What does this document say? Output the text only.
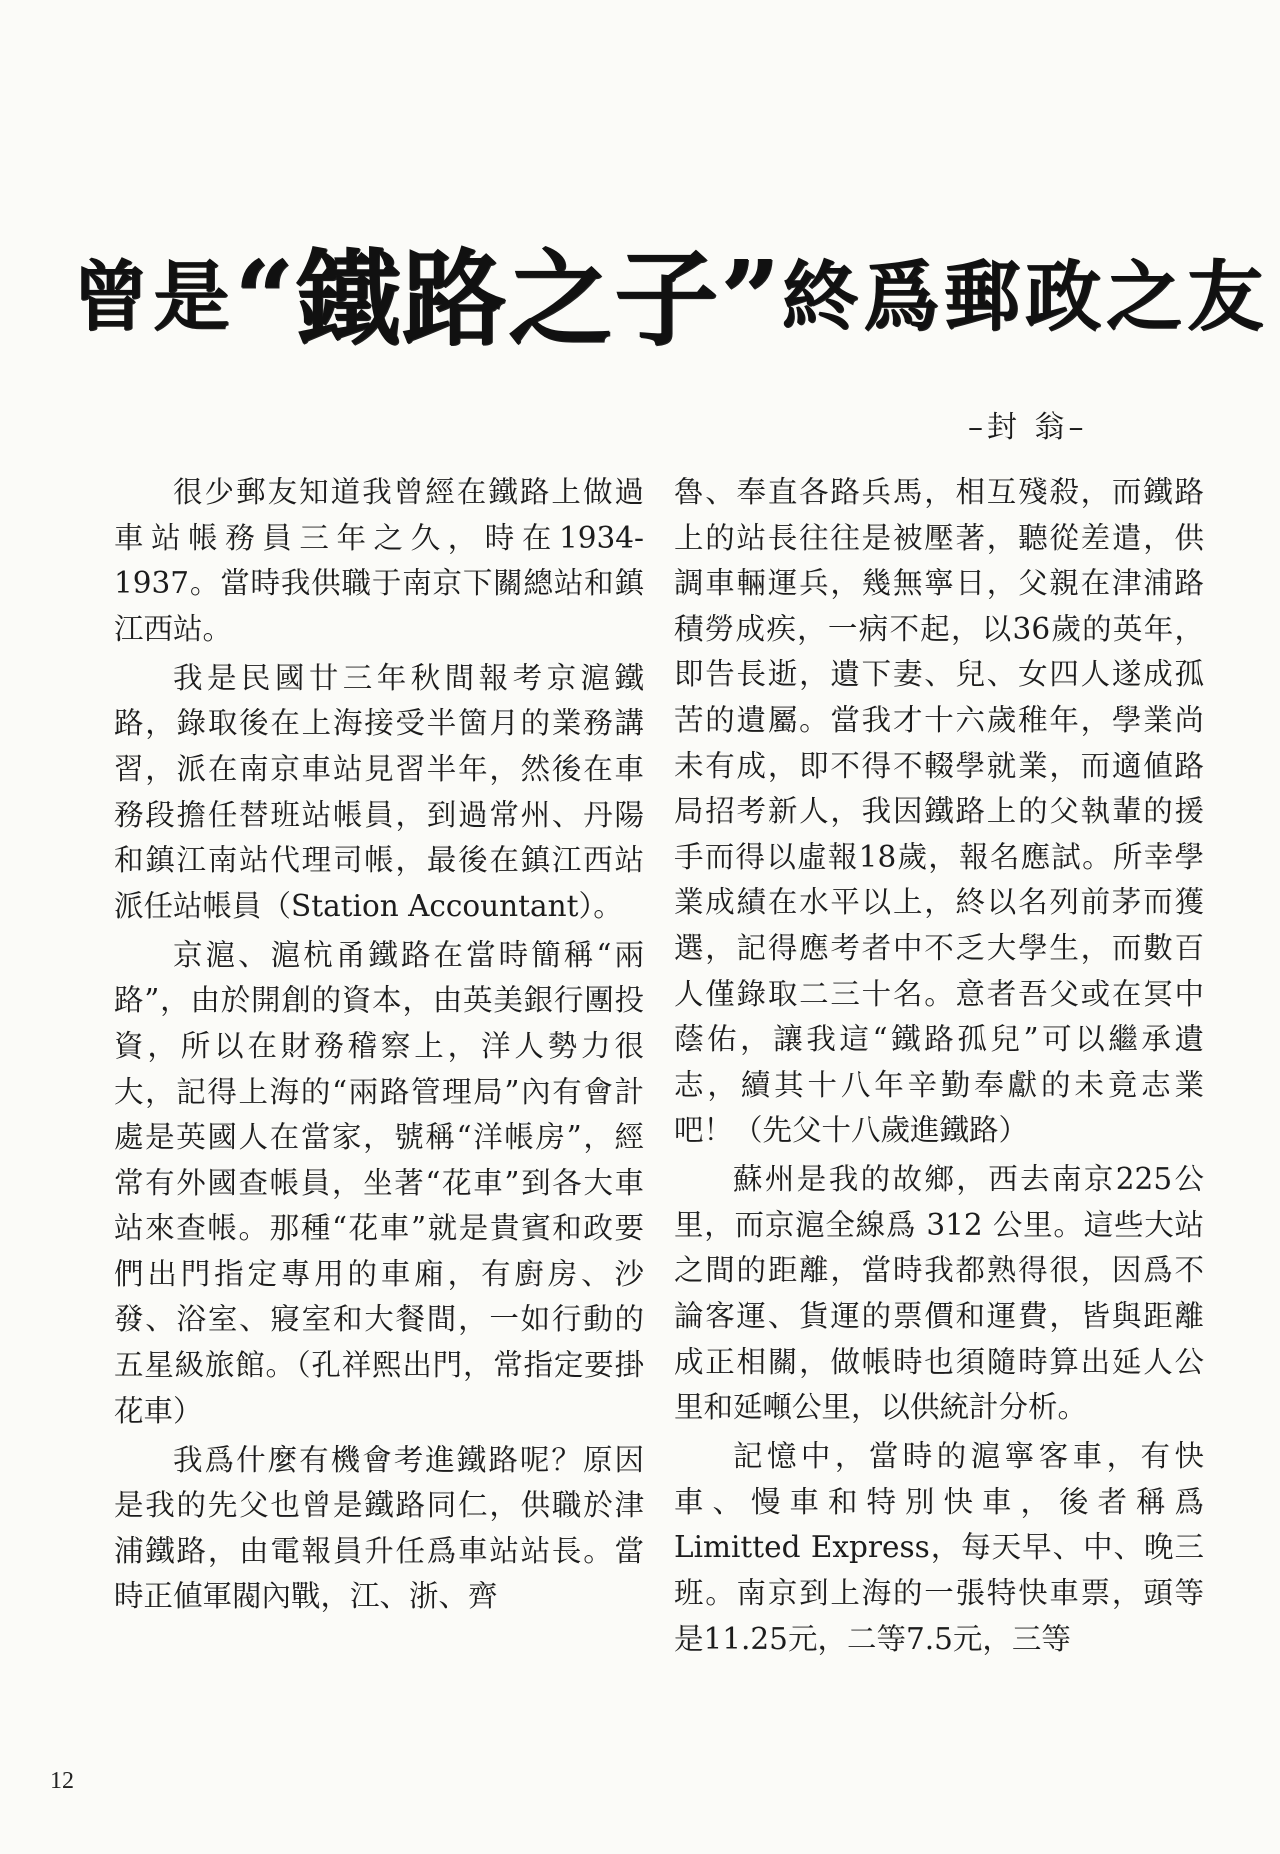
曾是 “鐵路之子” 終爲郵政之友
–封 翁–

很少郵友知道我曾經在鐵路上做過車站帳務員三年之久，時在1934-1937。當時我供職于南京下關總站和鎮江西站。

我是民國廿三年秋間報考京滬鐵路，錄取後在上海接受半箇月的業務講習，派在南京車站見習半年，然後在車務段擔任替班站帳員，到過常州、丹陽和鎮江南站代理司帳，最後在鎮江西站派任站帳員（Station Accountant）。

京滬、滬杭甬鐵路在當時簡稱“兩路”，由於開創的資本，由英美銀行團投資，所以在財務稽察上，洋人勢力很大，記得上海的“兩路管理局”內有會計處是英國人在當家，號稱“洋帳房”，經常有外國查帳員，坐著“花車”到各大車站來查帳。那種“花車”就是貴賓和政要們出門指定專用的車廂，有廚房、沙發、浴室、寢室和大餐間，一如行動的五星級旅館。（孔祥熙出門，常指定要掛花車）

我爲什麼有機會考進鐵路呢？原因是我的先父也曾是鐵路同仁，供職於津浦鐵路，由電報員升任爲車站站長。當時正値軍閥內戰，江、浙、齊

魯、奉直各路兵馬，相互殘殺，而鐵路上的站長往往是被壓著，聽從差遣，供調車輛運兵，幾無寧日，父親在津浦路積勞成疾，一病不起，以36歲的英年，即告長逝，遺下妻、兒、女四人遂成孤苦的遺屬。當我才十六歲稚年，學業尚未有成，即不得不輟學就業，而適値路局招考新人，我因鐵路上的父執輩的援手而得以虛報18歲，報名應試。所幸學業成績在水平以上，終以名列前茅而獲選，記得應考者中不乏大學生，而數百人僅錄取二三十名。意者吾父或在冥中蔭佑，讓我這“鐵路孤兒”可以繼承遺志，續其十八年辛勤奉獻的未竟志業吧！（先父十八歲進鐵路）

蘇州是我的故鄉，西去南京225公里，而京滬全線爲 312 公里。這些大站之間的距離，當時我都熟得很，因爲不論客運、貨運的票價和運費，皆與距離成正相關，做帳時也須隨時算出延人公里和延噸公里，以供統計分析。

記憶中，當時的滬寧客車，有快車、慢車和特別快車，後者稱爲Limitted Express，每天早、中、晚三班。南京到上海的一張特快車票，頭等是11.25元，二等7.5元，三等

12
